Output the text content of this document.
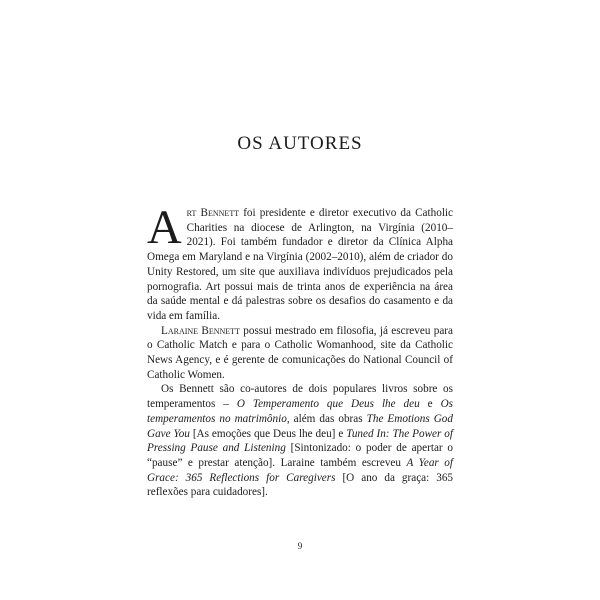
OS AUTORES

Art Bennett foi presidente e diretor executivo da Catholic Charities na diocese de Arlington, na Virgínia (2010–2021). Foi também fundador e diretor da Clínica Alpha Omega em Maryland e na Virgínia (2002–2010), além de criador do Unity Restored, um site que auxiliava indivíduos prejudicados pela pornografia. Art possui mais de trinta anos de experiência na área da saúde mental e dá palestras sobre os desafios do casamento e da vida em família.

Laraine Bennett possui mestrado em filosofia, já escreveu para o Catholic Match e para o Catholic Womanhood, site da Catholic News Agency, e é gerente de comunicações do National Council of Catholic Women.

Os Bennett são co-autores de dois populares livros sobre os temperamentos – O Temperamento que Deus lhe deu e Os temperamentos no matrimônio, além das obras The Emotions God Gave You [As emoções que Deus lhe deu] e Tuned In: The Power of Pressing Pause and Listening [Sintonizado: o poder de apertar o “pause” e prestar atenção]. Laraine também escreveu A Year of Grace: 365 Reflections for Caregivers [O ano da graça: 365 reflexões para cuidadores].

9
